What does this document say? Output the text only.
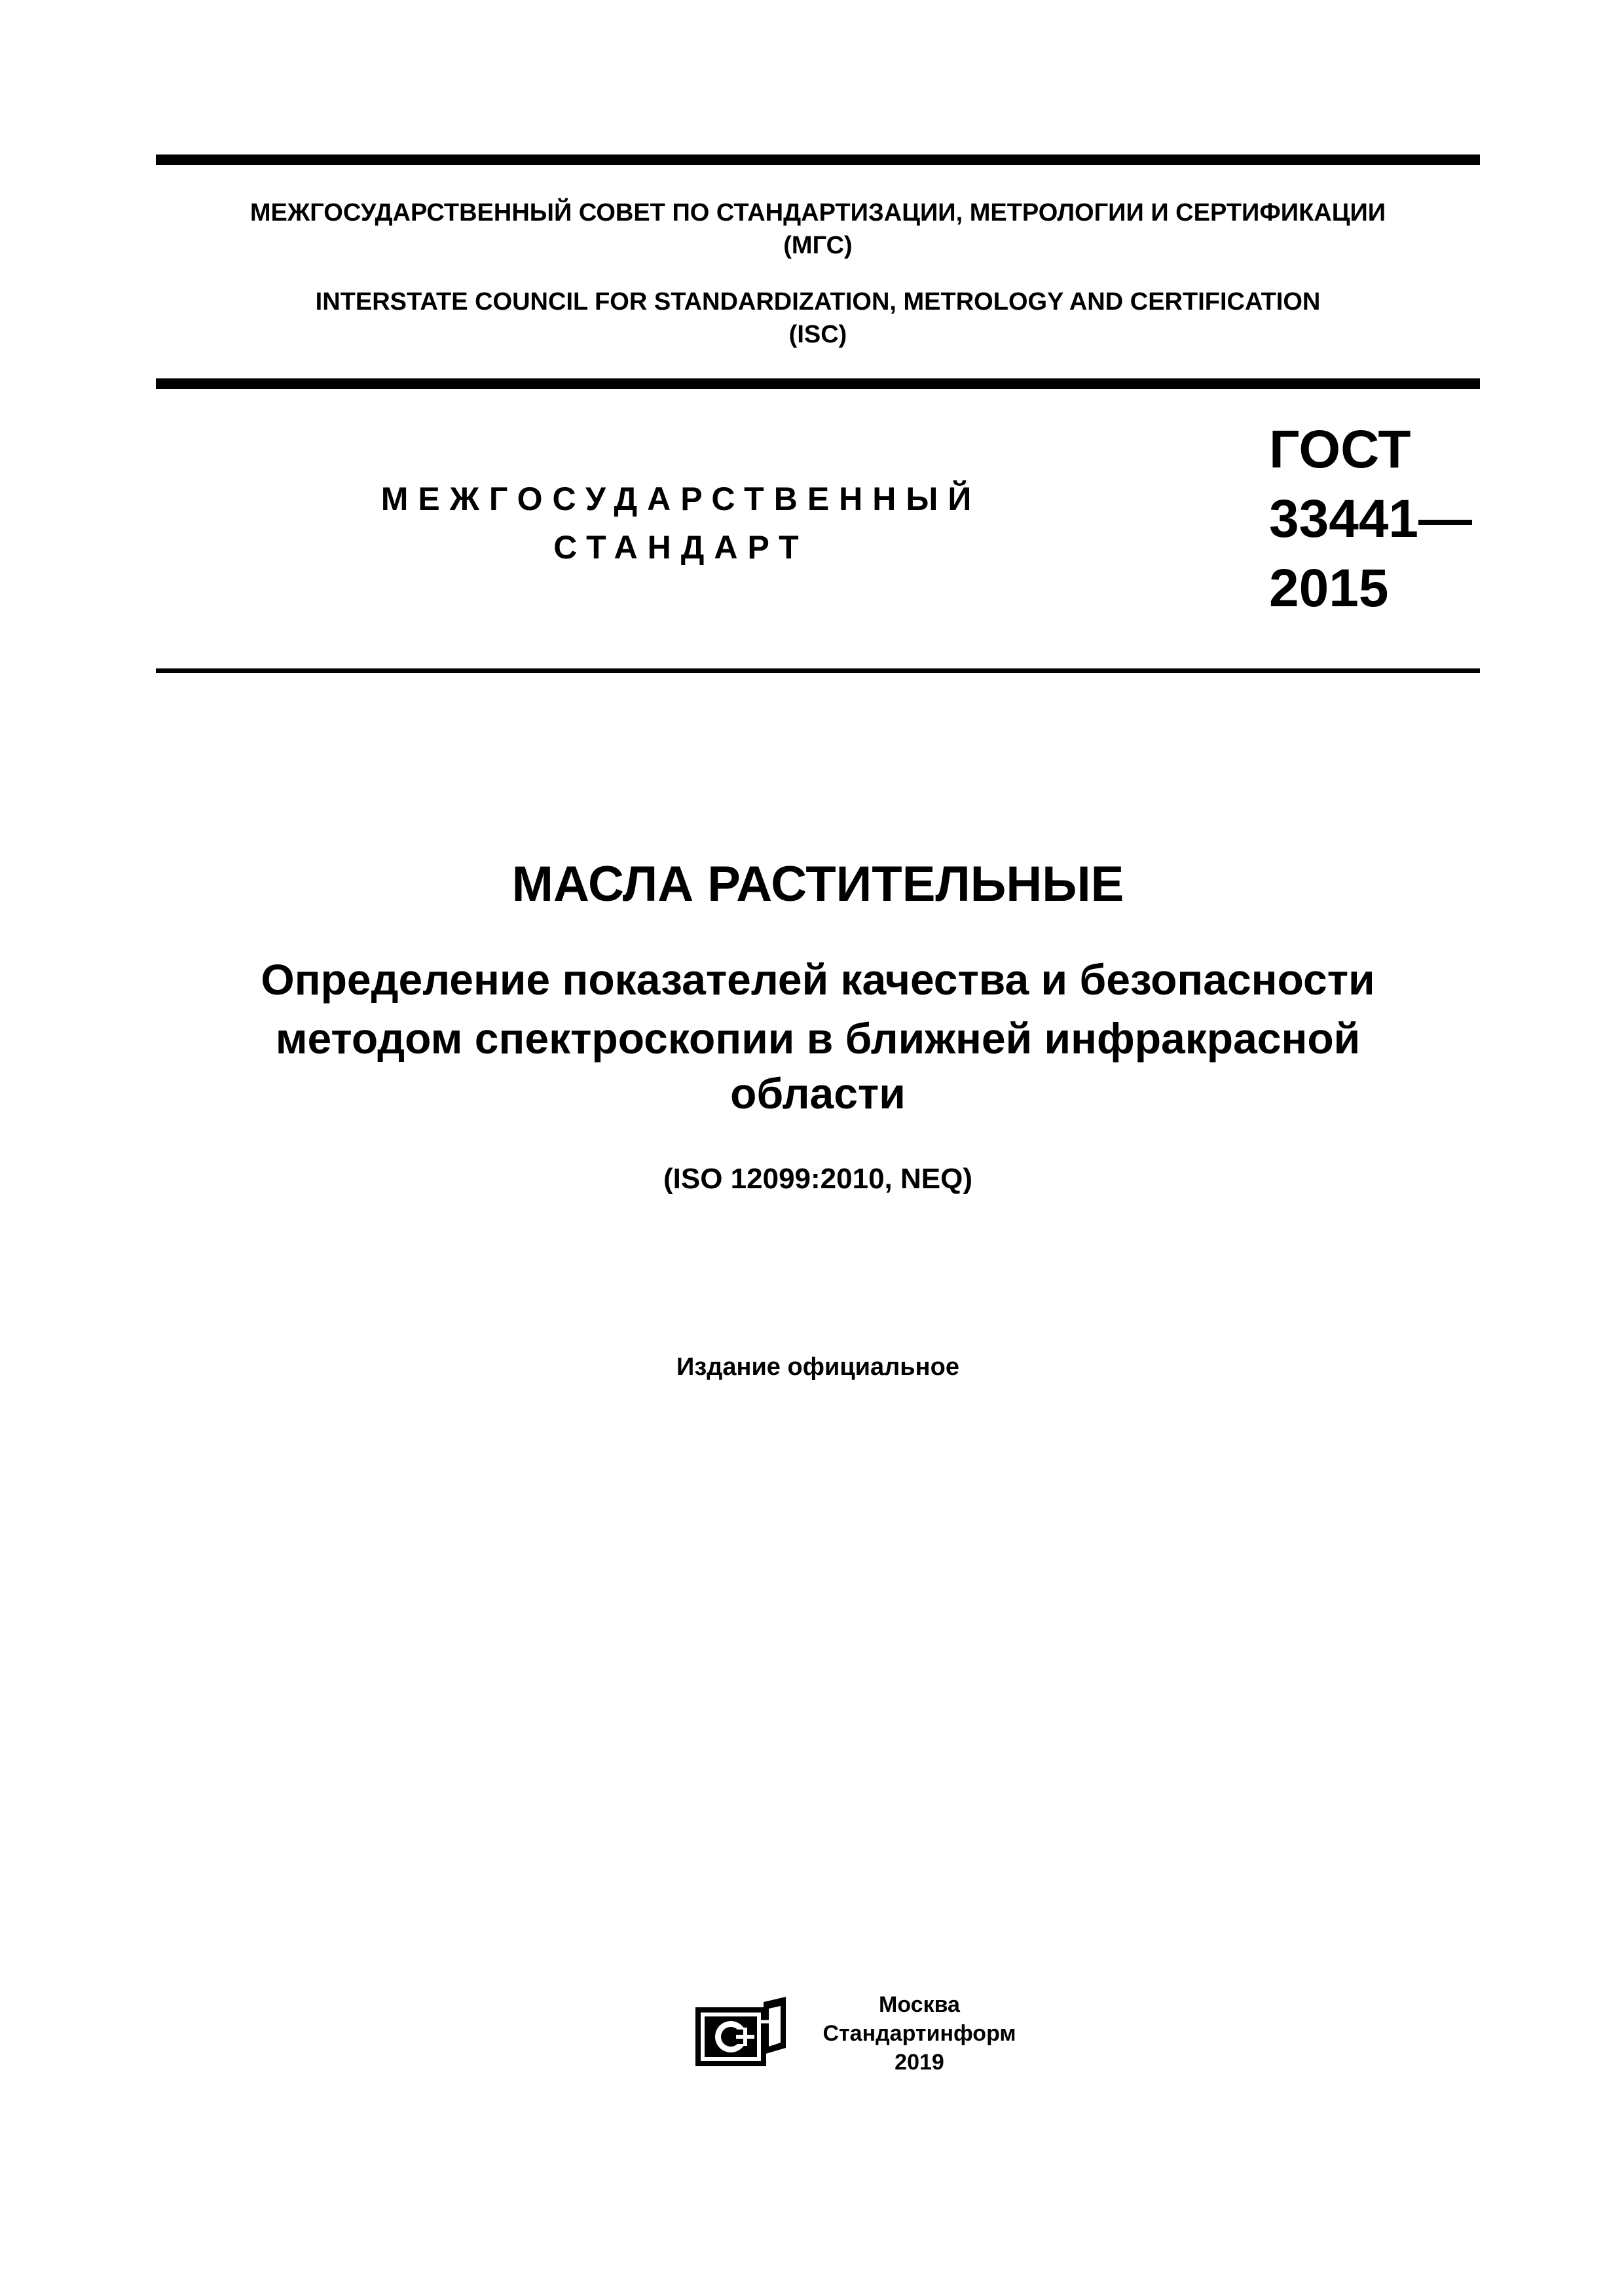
МЕЖГОСУДАРСТВЕННЫЙ СОВЕТ ПО СТАНДАРТИЗАЦИИ, МЕТРОЛОГИИ И СЕРТИФИКАЦИИ
(МГС)
INTERSTATE COUNCIL FOR STANDARDIZATION, METROLOGY AND CERTIFICATION
(ISC)
МЕЖГОСУДАРСТВЕННЫЙ
СТАНДАРТ
ГОСТ
33441—
2015
МАСЛА РАСТИТЕЛЬНЫЕ
Определение показателей качества и безопасности
методом спектроскопии в ближней инфракрасной
области
(ISO 12099:2010, NEQ)
Издание официальное
Москва
Стандартинформ
2019
